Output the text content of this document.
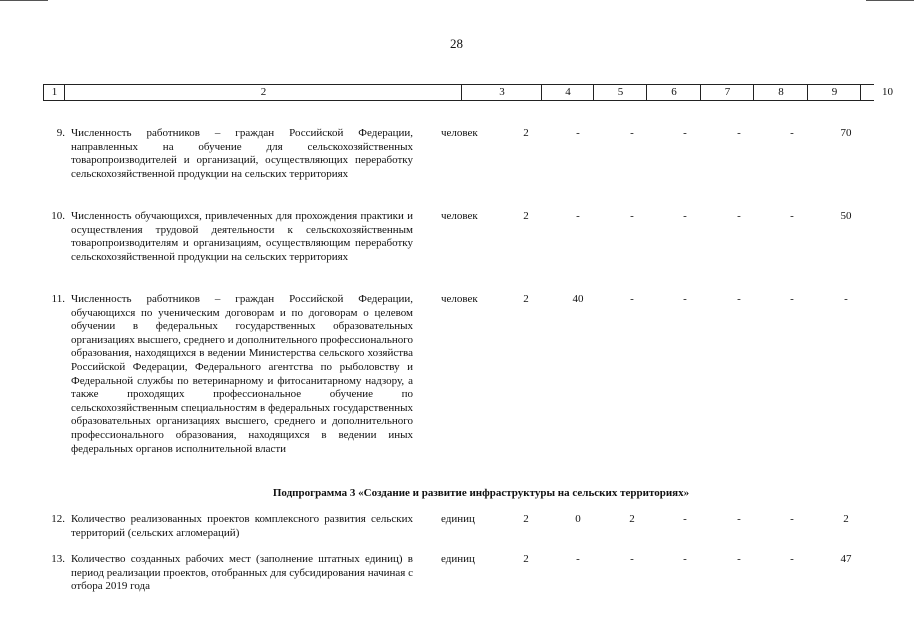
28
1	2	3	4	5	6	7	8	9	10
9. Численность работников – граждан Российской Федерации, направленных на обучение для сельскохозяйственных товаропроизводителей и организаций, осуществляющих переработку сельскохозяйственной продукции на сельских территориях
человек	2	-	-	-	-	-	70
10. Численность обучающихся, привлеченных для прохождения практики и осуществления трудовой деятельности к сельскохозяйственным товаропроизводителям и организациям, осуществляющим переработку сельскохозяйственной продукции на сельских территориях
человек	2	-	-	-	-	-	50
11. Численность работников – граждан Российской Федерации, обучающихся по ученическим договорам и по договорам о целевом обучении в федеральных государственных образовательных организациях высшего, среднего и дополнительного профессионального образования, находящихся в ведении Министерства сельского хозяйства Российской Федерации, Федерального агентства по рыболовству и Федеральной службы по ветеринарному и фитосанитарному надзору, а также проходящих профессиональное обучение по сельскохозяйственным специальностям в федеральных государственных образовательных организациях высшего, среднего и дополнительного профессионального образования, находящихся в ведении иных федеральных органов исполнительной власти
человек	2	40	-	-	-	-	-
Подпрограмма 3 «Создание и развитие инфраструктуры на сельских территориях»
12. Количество реализованных проектов комплексного развития сельских территорий (сельских агломераций)
единиц	2	0	2	-	-	-	2
13. Количество созданных рабочих мест (заполнение штатных единиц) в период реализации проектов, отобранных для субсидирования начиная с отбора 2019 года
единиц	2	-	-	-	-	-	47
